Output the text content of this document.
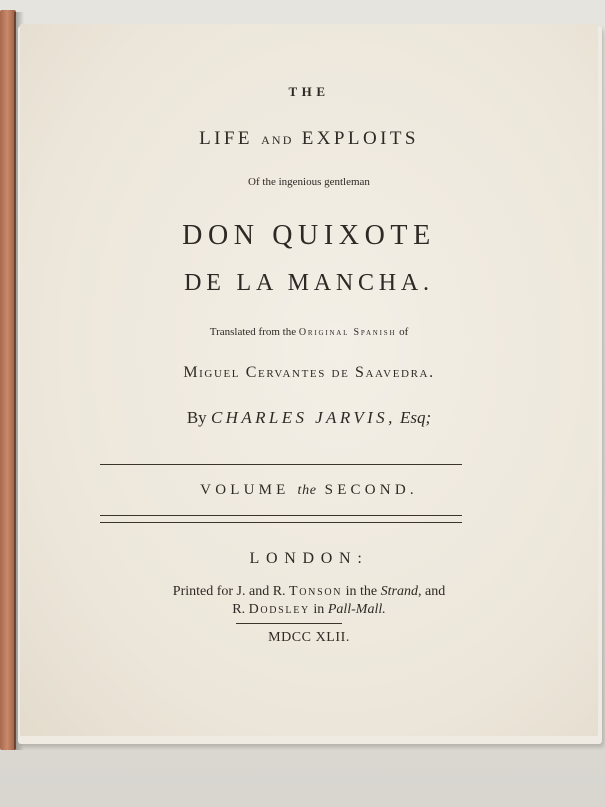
THE
LIFE AND EXPLOITS
Of the ingenious gentleman
DON QUIXOTE
DE LA MANCHA.
Translated from the Original Spanish of
Miguel Cervantes de Saavedra.
By CHARLES JARVIS, Esq;
VOLUME the SECOND.
LONDON:
Printed for J. and R. Tonson in the Strand, and
R. Dodsley in Pall-Mall.
MDCC XLII.
